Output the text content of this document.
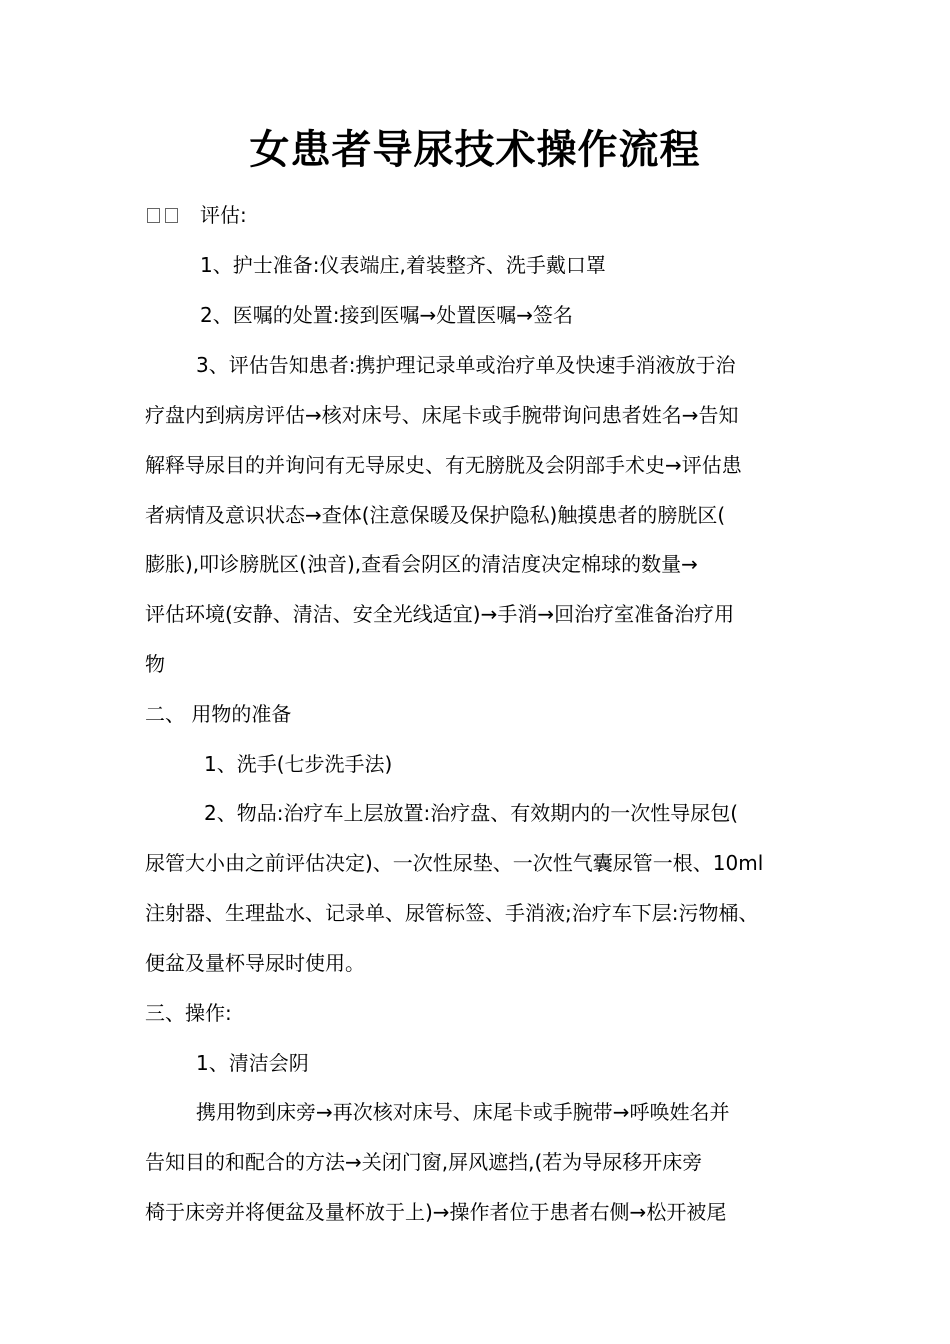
女患者导尿技术操作流程
评估:
1、护士准备:仪表端庄,着装整齐、洗手戴口罩
2、医嘱的处置:接到医嘱→处置医嘱→签名
3、评估告知患者:携护理记录单或治疗单及快速手消液放于治
疗盘内到病房评估→核对床号、床尾卡或手腕带询问患者姓名→告知
解释导尿目的并询问有无导尿史、有无膀胱及会阴部手术史→评估患
者病情及意识状态→查体(注意保暖及保护隐私)触摸患者的膀胱区(
膨胀),叩诊膀胱区(浊音),查看会阴区的清洁度决定棉球的数量→
评估环境(安静、清洁、安全光线适宜)→手消→回治疗室准备治疗用
物
二、 用物的准备
1、洗手(七步洗手法)
2、物品:治疗车上层放置:治疗盘、有效期内的一次性导尿包(
尿管大小由之前评估决定)、一次性尿垫、一次性气囊尿管一根、10ml
注射器、生理盐水、记录单、尿管标签、手消液;治疗车下层:污物桶、
便盆及量杯导尿时使用。
三、操作:
1、清洁会阴
携用物到床旁→再次核对床号、床尾卡或手腕带→呼唤姓名并
告知目的和配合的方法→关闭门窗,屏风遮挡,(若为导尿移开床旁
椅于床旁并将便盆及量杯放于上)→操作者位于患者右侧→松开被尾
